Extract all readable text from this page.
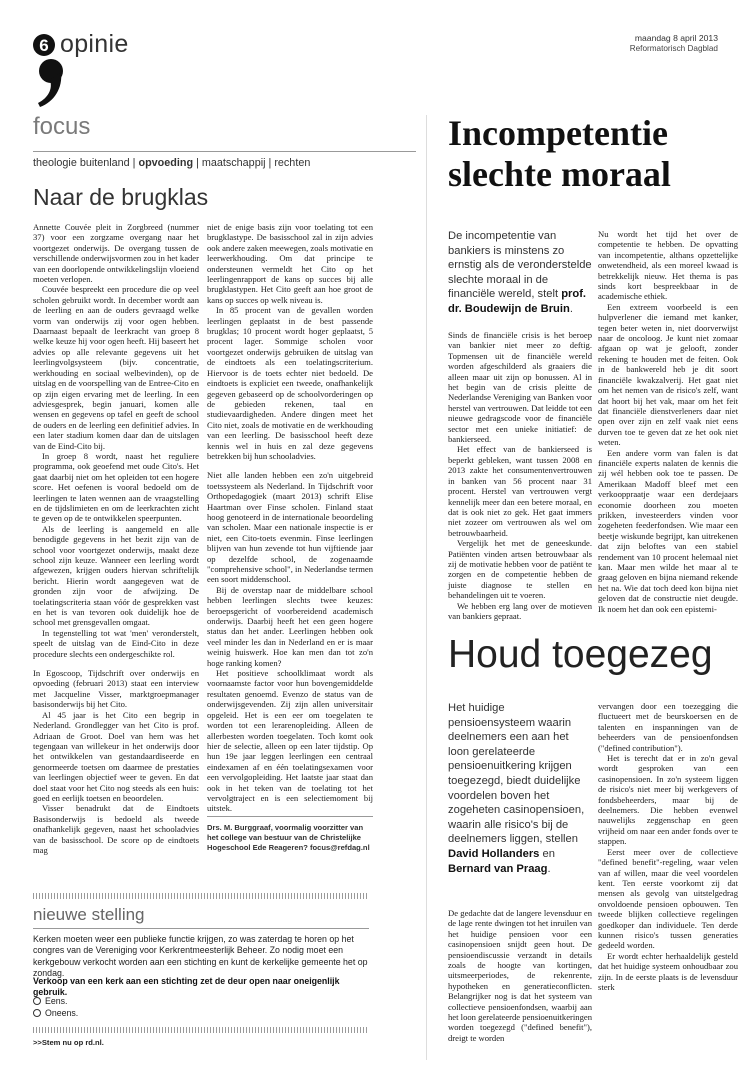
6 opinie	maandag 8 april 2013
Reformatorisch Dagblad
focus
theologie buitenland | opvoeding | maatschappij | rechten
Naar de brugklas

Annette Couvée pleit in Zorgbreed (nummer 37) voor een zorgzame overgang naar het voortgezet onderwijs. De overgang tussen de verschillende onderwijsvormen zou in het kader van een doorlopende ontwikkelingslijn vloeiend moeten verlopen.

Couvée bespreekt een procedure die op veel scholen gebruikt wordt. In december wordt aan de leerling en aan de ouders gevraagd welke vorm van onderwijs zij voor ogen hebben. Daarnaast bepaalt de leerkracht van groep 8 welke keuze hij voor ogen heeft. Hij baseert het advies op alle relevante gegevens uit het leerlingvolgsysteem (bijv. concentratie, werkhouding en sociaal welbevinden), op de uitslag en de voorspelling van de Entree-Cito en op zijn eigen ervaring met de leerling. In een adviesgesprek, begin januari, komen alle wensen en gegevens op tafel en geeft de school de ouders en de leerling een definitief advies. In een later stadium komen daar dan de uitslagen van de Eind-Cito bij.

In groep 8 wordt, naast het reguliere programma, ook geoefend met oude Cito's. Het gaat daarbij niet om het opleiden tot een hogere score. Het oefenen is vooral bedoeld om de leerlingen te laten wennen aan de vraagstelling en de tijdslimieten en om de leerkrachten zicht te geven op de te ontwikkelen speerpunten.

Als de leerling is aangemeld en alle benodigde gegevens in het bezit zijn van de school voor voortgezet onderwijs, maakt deze school zijn keuze. Wanneer een leerling wordt afgewezen, krijgen ouders hiervan schriftelijk bericht. Hierin wordt aangegeven wat de gronden zijn voor de afwijzing. De toelatingscriteria staan vóór de gesprekken vast en het is van tevoren ook duidelijk hoe de school met grensgevallen omgaat.

In tegenstelling tot wat 'men' veronderstelt, speelt de uitslag van de Eind-Cito in deze procedure slechts een ondergeschikte rol.

In Egoscoop, Tijdschrift over onderwijs en opvoeding (februari 2013) staat een interview met Jacqueline Visser, marktgroepmanager basisonderwijs bij het Cito.

Al 45 jaar is het Cito een begrip in Nederland. Grondlegger van het Cito is prof. Adriaan de Groot. Doel van hem was het tegengaan van willekeur in het onderwijs door het ontwikkelen van gestandaardiseerde en genormeerde toetsen om daarmee de prestaties van leerlingen objectief weer te geven. En dat doel staat voor het Cito nog steeds als een huis: goed en eerlijk toetsen en beoordelen.

Visser benadrukt dat de Eindtoets Basisonderwijs is bedoeld als tweede onafhankelijk gegeven, naast het schooladvies van de basisschool. De score op de eindtoets mag

niet de enige basis zijn voor toelating tot een brugklastype. De basisschool zal in zijn advies ook andere zaken meewegen, zoals motivatie en leerwerkhouding. Om dat principe te ondersteunen vermeldt het Cito op het leerlingenrapport de kans op succes bij alle brugklastypen. Het Cito geeft aan hoe groot de kans op succes op welk niveau is.

In 85 procent van de gevallen worden leerlingen geplaatst in de best passende brugklas; 10 procent wordt hoger geplaatst, 5 procent lager. Sommige scholen voor voortgezet onderwijs gebruiken de uitslag van de eindtoets als een toelatingscriterium. Hiervoor is de toets echter niet bedoeld. De eindtoets is expliciet een tweede, onafhankelijk gegeven gebaseerd op de schoolvorderingen op de gebieden rekenen, taal en studievaardigheden. Andere dingen meet het Cito niet, zoals de motivatie en de werkhouding van een leerling. De basisschool heeft deze kennis wel in huis en zal deze gegevens betrekken bij hun schooladvies.

Niet alle landen hebben een zo'n uitgebreid toetssysteem als Nederland. In Tijdschrift voor Orthopedagogiek (maart 2013) schrift Elise Haartman over Finse scholen. Finland staat hoog genoteerd in de internationale beoordeling van scholen. Maar een nationale inspectie is er niet, een Cito-toets evenmin. Finse leerlingen blijven van hun zevende tot hun vijftiende jaar op dezelfde school, de zogenaamde "comprehensive school", in Nederlandse termen een soort middenschool.

Bij de overstap naar de middelbare school hebben leerlingen slechts twee keuzes: beroepsgericht of voorbereidend academisch onderwijs. Daarbij heeft het een geen hogere status dan het ander. Leerlingen hebben ook veel minder les dan in Nederland en er is maar weinig huiswerk. Hoe kan men dan tot zo'n hoge ranking komen?

Het positieve schoolklimaat wordt als voornaamste factor voor hun bovengemiddelde resultaten genoemd. Evenzo de status van de onderwijsgevenden. Zij zijn allen universitair opgeleid. Het is een eer om toegelaten te worden tot een lerarenopleiding. Alleen de allerbesten worden toegelaten. Toch komt ook hier de selectie, alleen op een later tijdstip. Op hun 19e jaar leggen leerlingen een centraal eindexamen af en één toelatingsexamen voor een vervolgopleiding. Het laatste jaar staat dan ook in het teken van de toelating tot het vervolgtraject en is een selectiemoment bij uitstek.

Drs. M. Burggraaf, voormalig voorzitter van het college van bestuur van de Christelijke Hogeschool Ede Reageren? focus@refdag.nl
nieuwe stelling
Kerken moeten weer een publieke functie krijgen, zo was zaterdag te horen op het congres van de Vereniging voor Kerkrentmeesterlijk Beheer. Zo nodig moet een kerkgebouw verkocht worden aan een stichting en kunt de kerkelijke gemeente het op zondag.
Verkoop van een kerk aan een stichting zet de deur open naar oneigenlijk gebruik.
Eens.
Oneens.
>>Stem nu op rd.nl.
Incompetentie
slechte moraal
De incompetentie van bankiers is minstens zo ernstig als de veronderstelde slechte moraal in de financiële wereld, stelt prof. dr. Boudewijn de Bruin.

Sinds de financiële crisis is het beroep van bankier niet meer zo deftig. Topmensen uit de financiële wereld worden afgeschilderd als graaiers die alleen maar uit zijn op bonussen. Al in het begin van de crisis pleitte de Nederlandse Vereniging van Banken voor herstel van vertrouwen. Dat leidde tot een nieuwe gedragscode voor de financiële sector met een unieke initiatief: de bankierseed.

Het effect van de bankierseed is beperkt gebleken, want tussen 2008 en 2013 zakte het consumentenvertrouwen in banken van 56 procent naar 31 procent. Herstel van vertrouwen vergt kennelijk meer dan een betere moraal, en dat is ook niet zo gek. Het gaat immers niet zozeer om vertrouwen als wel om betrouwbaarheid.

Vergelijk het met de geneeskunde. Patiënten vinden artsen betrouwbaar als zij de motivatie hebben voor de patiënt te zorgen en de competentie hebben de juiste diagnose te stellen en behandelingen uit te voeren.

We hebben erg lang over de motieven van bankiers gepraat.

Nu wordt het tijd het over de competentie te hebben. De opvatting van incompetentie, althans opzettelijke onwetendheid, als een moreel kwaad is betrekkelijk nieuw. Het thema is pas sinds kort bespreekbaar in de academische ethiek.

Een extreem voorbeeld is een hulpverlener die iemand met kanker, tegen beter weten in, niet doorverwijst naar de oncoloog. Je kunt niet zomaar afgaan op wat je gelooft, zonder rekening te houden met de feiten. Ook in de bankwereld heb je dit soort financiële kwakzalverij. Het gaat niet om het nemen van de risico's zelf, want dat hoort bij het vak, maar om het feit dat financiële dienstverleners daar niet open over zijn en zelf vaak niet eens durven toe te geven dat ze het ook niet weten.

Een andere vorm van falen is dat financiële experts nalaten de kennis die zij wél hebben ook toe te passen. De Amerikaan Madoff bleef met een verkooppraatje waar een derdejaars economie doorheen zou moeten prikken, investeerders vinden voor zogeheten feederfondsen. Wie maar een beetje wiskunde begrijpt, kan uitrekenen dat zijn beloftes van een stabiel rendement van 10 procent helemaal niet kan. Maar men wilde het maar al te graag geloven en bijna niemand rekende het na. Wie dat toch deed kon bijna niet geloven dat de constructie niet deugde. Ik noem het dan ook een epistemi-

Houd toegezeg
Het huidige pensioensysteem waarin deelnemers een aan het loon gerelateerde pensioenuitkering krijgen toegezegd, biedt duidelijke voordelen boven het zogeheten casinopensioen, waarin alle risico's bij de deelnemers liggen, stellen David Hollanders en Bernard van Praag.

De gedachte dat de langere levensduur en de lage rente dwingen tot het inruilen van het huidige pensioen voor een casinopensioen snijdt geen hout. De pensioendiscussie verzandt in details zoals de hoogte van kortingen, uitsmeerperiodes, de rekenrente, hypotheken en generatieconflicten. Belangrijker nog is dat het systeem van collectieve pensioenfondsen, waarbij aan het loon gerelateerde pensioenuitkeringen worden toegezegd ("defined benefit"), dreigt te worden

vervangen door een toezegging die fluctueert met de beurskoersen en de talenten en inspanningen van de beheerders van de pensioenfondsen ("defined contribution").

Het is terecht dat er in zo'n geval wordt gesproken van een casinopensioen. In zo'n systeem liggen de risico's niet meer bij werkgevers of fondsbeheerders, maar bij de deelnemers. Die hebben evenwel nauwelijks zeggenschap en geen vrijheid om naar een ander fonds over te stappen.

Eerst meer over de collectieve "defined benefit"-regeling, waar velen van af willen, maar die veel voordelen kent. Ten eerste voorkomt zij dat mensen als gevolg van uitstelgedrag onvoldoende pensioen opbouwen. Ten tweede blijken collectieve regelingen goedkoper dan individuele. Ten derde kunnen risico's tussen generaties gedeeld worden.

Er wordt echter herhaaldelijk gesteld dat het huidige systeem onhoudbaar zou zijn. In de eerste plaats is de levensduur sterk
